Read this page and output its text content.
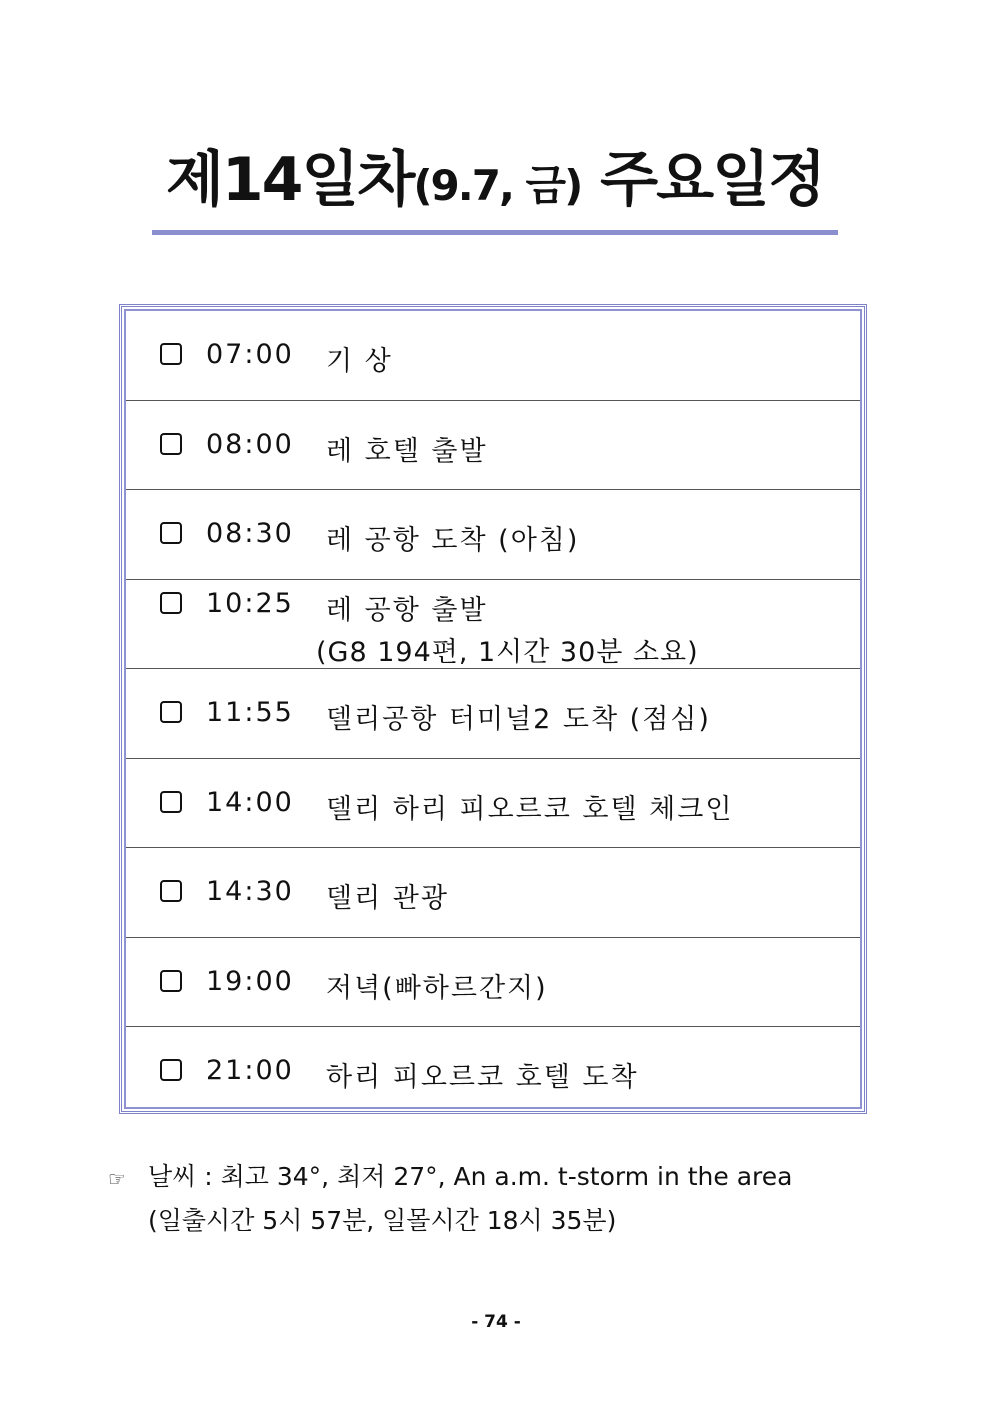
제14일차(9.7, 금) 주요일정
07:00 기 상
08:00 레 호텔 출발
08:30 레 공항 도착 (아침)
10:25 레 공항 출발
(G8 194편, 1시간 30분 소요)
11:55 델리공항 터미널2 도착 (점심)
14:00 델리 하리 피오르코 호텔 체크인
14:30 델리 관광
19:00 저녁(빠하르간지)
21:00 하리 피오르코 호텔 도착
☞ 날씨 : 최고 34°, 최저 27°, An a.m. t-storm in the area
(일출시간 5시 57분, 일몰시간 18시 35분)
- 74 -
